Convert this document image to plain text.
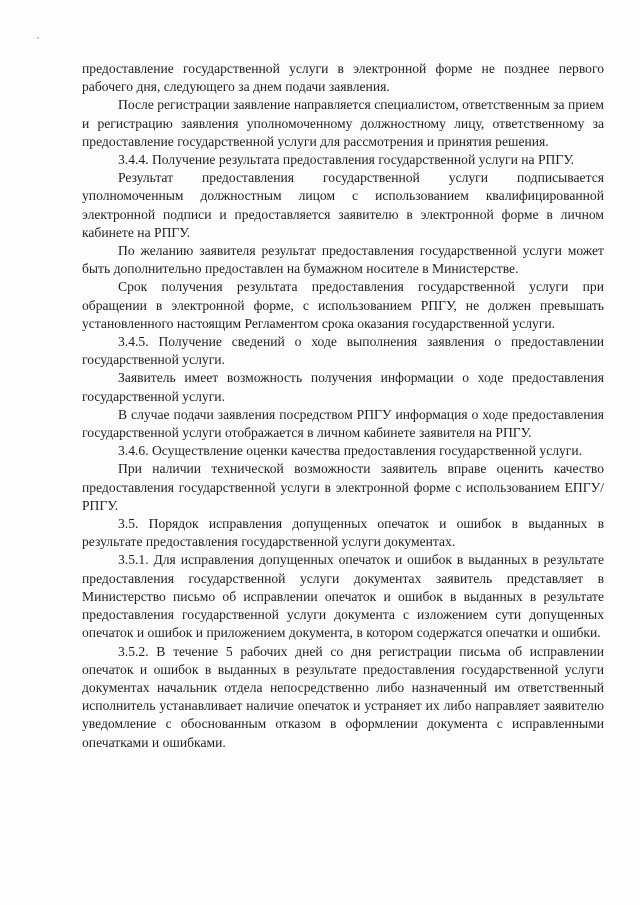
предоставление государственной услуги в электронной форме не позднее первого рабочего дня, следующего за днем подачи заявления.

После регистрации заявление направляется специалистом, ответственным за прием и регистрацию заявления уполномоченному должностному лицу, ответственному за предоставление государственной услуги для рассмотрения и принятия решения.

3.4.4. Получение результата предоставления государственной услуги на РПГУ.

Результат предоставления государственной услуги подписывается уполномоченным должностным лицом с использованием квалифицированной электронной подписи и предоставляется заявителю в электронной форме в личном кабинете на РПГУ.

По желанию заявителя результат предоставления государственной услуги может быть дополнительно предоставлен на бумажном носителе в Министерстве.

Срок получения результата предоставления государственной услуги при обращении в электронной форме, с использованием РПГУ, не должен превышать установленного настоящим Регламентом срока оказания государственной услуги.

3.4.5. Получение сведений о ходе выполнения заявления о предоставлении государственной услуги.

Заявитель имеет возможность получения информации о ходе предоставления государственной услуги.

В случае подачи заявления посредством РПГУ информация о ходе предоставления государственной услуги отображается в личном кабинете заявителя на РПГУ.

3.4.6. Осуществление оценки качества предоставления государственной услуги.

При наличии технической возможности заявитель вправе оценить качество предоставления государственной услуги в электронной форме с использованием ЕПГУ/РПГУ.

3.5. Порядок исправления допущенных опечаток и ошибок в выданных в результате предоставления государственной услуги документах.

3.5.1. Для исправления допущенных опечаток и ошибок в выданных в результате предоставления государственной услуги документах заявитель представляет в Министерство письмо об исправлении опечаток и ошибок в выданных в результате предоставления государственной услуги документа с изложением сути допущенных опечаток и ошибок и приложением документа, в котором содержатся опечатки и ошибки.

3.5.2. В течение 5 рабочих дней со дня регистрации письма об исправлении опечаток и ошибок в выданных в результате предоставления государственной услуги документах начальник отдела непосредственно либо назначенный им ответственный исполнитель устанавливает наличие опечаток и устраняет их либо направляет заявителю уведомление с обоснованным отказом в оформлении документа с исправленными опечатками и ошибками.
